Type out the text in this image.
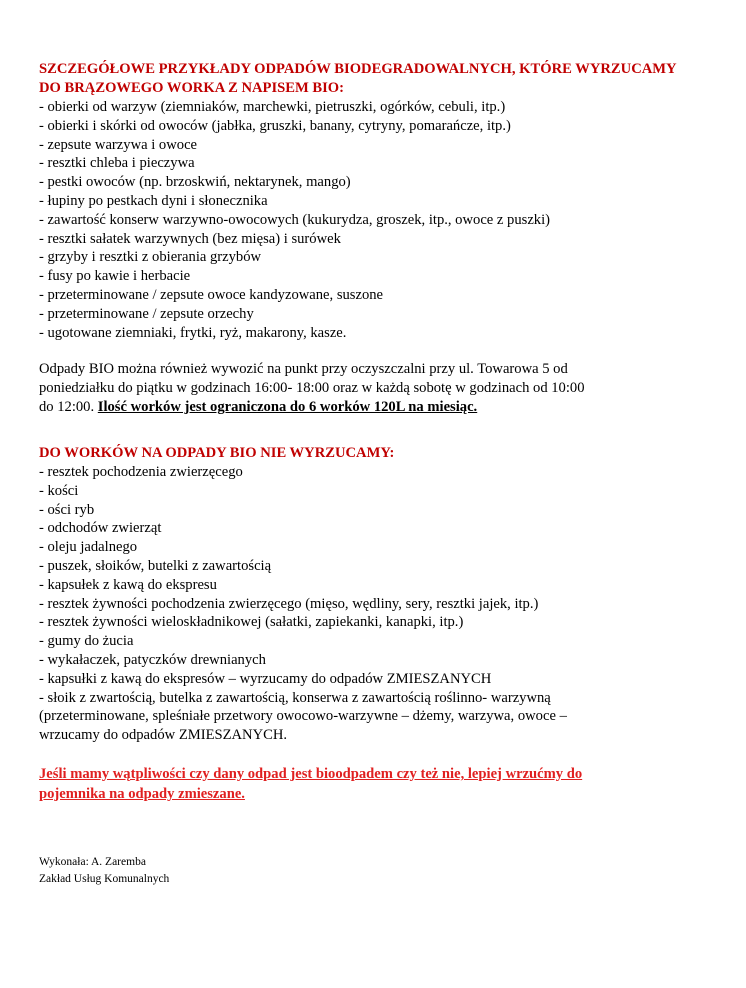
SZCZEGÓŁOWE PRZYKŁADY ODPADÓW BIODEGRADOWALNYCH, KTÓRE WYRZUCAMY
DO BRĄZOWEGO WORKA Z NAPISEM BIO:

- obierki od warzyw (ziemniaków, marchewki, pietruszki, ogórków, cebuli, itp.)
- obierki i skórki od owoców (jabłka, gruszki, banany, cytryny, pomarańcze, itp.)
- zepsute warzywa i owoce
- resztki chleba i pieczywa
- pestki owoców (np. brzoskwiń, nektarynek, mango)
- łupiny po pestkach dyni i słonecznika
- zawartość konserw warzywno-owocowych (kukurydza, groszek, itp., owoce z puszki)
- resztki sałatek warzywnych (bez mięsa) i surówek
- grzyby i resztki z obierania grzybów
- fusy po kawie i herbacie
- przeterminowane / zepsute owoce kandyzowane, suszone
- przeterminowane / zepsute orzechy
- ugotowane ziemniaki, frytki, ryż, makarony, kasze.

Odpady BIO można również wywozić na punkt przy oczyszczalni przy ul. Towarowa 5 od
poniedziałku do piątku w godzinach 16:00- 18:00 oraz w każdą sobotę w godzinach od 10:00
do 12:00. Ilość worków jest ograniczona do 6 worków 120L na miesiąc.

DO WORKÓW NA ODPADY BIO NIE WYRZUCAMY:

- resztek pochodzenia zwierzęcego
- kości
- ości ryb
- odchodów zwierząt
- oleju jadalnego
- puszek, słoików, butelki z zawartością
- kapsułek z kawą do ekspresu
- resztek żywności pochodzenia zwierzęcego (mięso, wędliny, sery, resztki jajek, itp.)
- resztek żywności wieloskładnikowej (sałatki, zapiekanki, kanapki, itp.)
- gumy do żucia
- wykałaczek, patyczków drewnianych
- kapsułki z kawą do ekspresów – wyrzucamy do odpadów ZMIESZANYCH
- słoik z zwartością, butelka z zawartością, konserwa z zawartością roślinno- warzywną
(przeterminowane, spleśniałe przetwory owocowo-warzywne – dżemy, warzywa, owoce –
wrzucamy do odpadów ZMIESZANYCH.

Jeśli mamy wątpliwości czy dany odpad jest bioodpadem czy też nie, lepiej wrzućmy do
pojemnika na odpady zmieszane.

Wykonała: A. Zaremba
Zakład Usług Komunalnych
